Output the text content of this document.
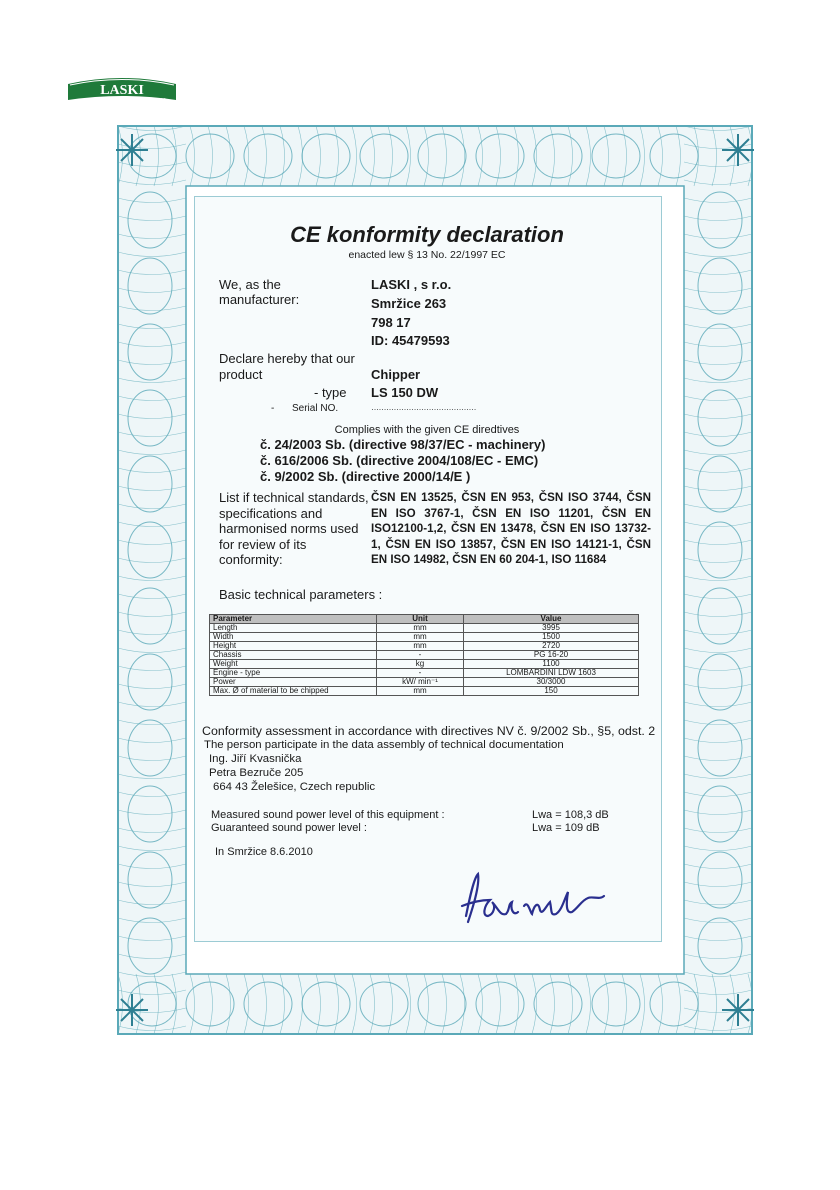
LASKI
s.r.o.
CE konformity declaration
enacted lew § 13 No. 22/1997 EC
We, as the
manufacturer:
LASKI , s r.o.
Smržice 263
798 17
ID: 45479593
Declare hereby that our
product	Chipper
- type LS 150 DW
- Serial NO.	……………………………………
Complies with the given CE diredtives
č. 24/2003 Sb. (directive 98/37/EC - machinery)
č. 616/2006 Sb. (directive 2004/108/EC - EMC)
č. 9/2002 Sb. (directive 2000/14/E )
List if technical standards, specifications and harmonised norms used for review of its conformity:
ČSN EN 13525, ČSN EN 953, ČSN ISO 3744, ČSN EN ISO 3767-1, ČSN EN ISO 11201, ČSN EN ISO12100-1,2, ČSN EN 13478, ČSN EN ISO 13732-1, ČSN EN ISO 13857, ČSN EN ISO 14121-1, ČSN EN ISO 14982, ČSN EN 60 204-1, ISO 11684
Basic technical parameters :
Parameter	Unit	Value
Length	mm	3995
Width	mm	1500
Height	mm	2720
Chassis	-	PG 16-20
Weight	kg	1100
Engine - type	-	LOMBARDINI LDW 1603
Power	kW/ min⁻¹	30/3000
Max. Ø of material to be chipped	mm	150
Conformity assessment in accordance with directives NV č. 9/2002 Sb., §5, odst. 2
The person participate in the data assembly of technical documentation
Ing. Jiří Kvasnička
Petra Bezruče 205
664 43 Želešice, Czech republic
Measured sound power level of this equipment :	Lwa = 108,3 dB
Guaranteed sound power level :	Lwa = 109 dB
In Smržice 8.6.2010
